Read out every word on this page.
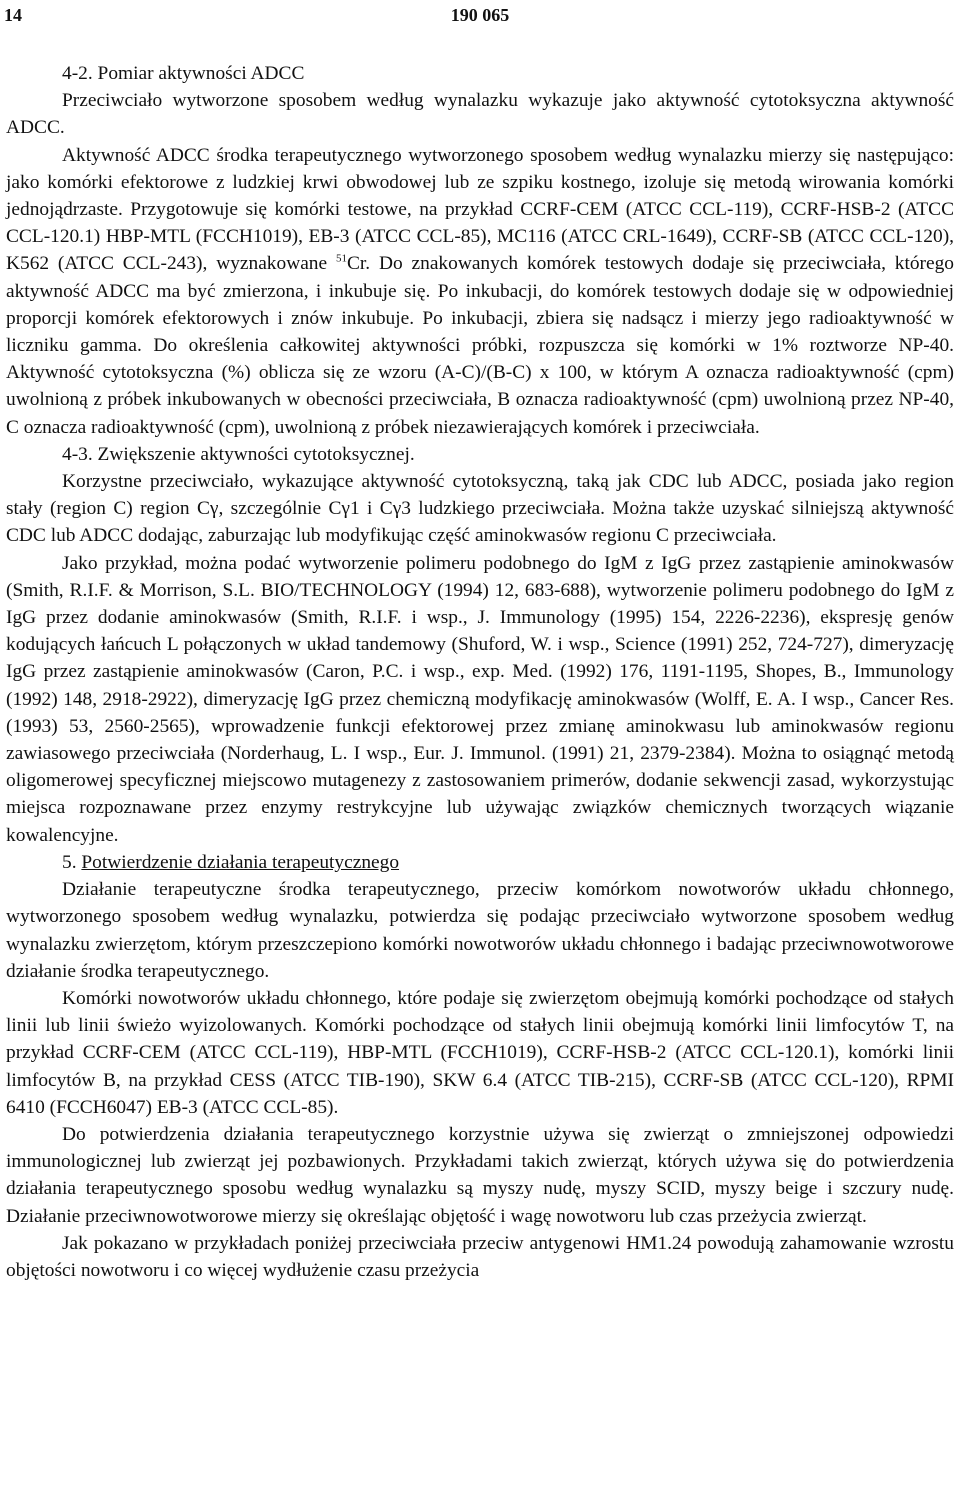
14	190 065

4-2. Pomiar aktywności ADCC

Przeciwciało wytworzone sposobem według wynalazku wykazuje jako aktywność cytotoksyczna aktywność ADCC.

Aktywność ADCC środka terapeutycznego wytworzonego sposobem według wynalazku mierzy się następująco: jako komórki efektorowe z ludzkiej krwi obwodowej lub ze szpiku kostnego, izoluje się metodą wirowania komórki jednojądrzaste. Przygotowuje się komórki testowe, na przykład CCRF-CEM (ATCC CCL-119), CCRF-HSB-2 (ATCC CCL-120.1) HBP-MTL (FCCH1019), EB-3 (ATCC CCL-85), MC116 (ATCC CRL-1649), CCRF-SB (ATCC CCL-120), K562 (ATCC CCL-243), wyznakowane $^{51}$Cr. Do znakowanych komórek testowych dodaje się przeciwciała, którego aktywność ADCC ma być zmierzona, i inkubuje się. Po inkubacji, do komórek testowych dodaje się w odpowiedniej proporcji komórek efektorowych i znów inkubuje. Po inkubacji, zbiera się nadsącz i mierzy jego radioaktywność w liczniku gamma. Do określenia całkowitej aktywności próbki, rozpuszcza się komórki w 1% roztworze NP-40. Aktywność cytotoksyczna (%) oblicza się ze wzoru (A-C)/(B-C) x 100, w którym A oznacza radioaktywność (cpm) uwolnioną z próbek inkubowanych w obecności przeciwciała, B oznacza radioaktywność (cpm) uwolnioną przez NP-40, C oznacza radioaktywność (cpm), uwolnioną z próbek niezawierających komórek i przeciwciała.

4-3. Zwiększenie aktywności cytotoksycznej.

Korzystne przeciwciało, wykazujące aktywność cytotoksyczną, taką jak CDC lub ADCC, posiada jako region stały (region C) region Cγ, szczególnie Cγ1 i Cγ3 ludzkiego przeciwciała. Można także uzyskać silniejszą aktywność CDC lub ADCC dodając, zaburzając lub modyfikując część aminokwasów regionu C przeciwciała.

Jako przykład, można podać wytworzenie polimeru podobnego do IgM z IgG przez zastąpienie aminokwasów (Smith, R.I.F. & Morrison, S.L. BIO/TECHNOLOGY (1994) 12, 683-688), wytworzenie polimeru podobnego do IgM z IgG przez dodanie aminokwasów (Smith, R.I.F. i wsp., J. Immunology (1995) 154, 2226-2236), ekspresję genów kodujących łańcuch L połączonych w układ tandemowy (Shuford, W. i wsp., Science (1991) 252, 724-727), dimeryzację IgG przez zastąpienie aminokwasów (Caron, P.C. i wsp., exp. Med. (1992) 176, 1191-1195, Shopes, B., Immunology (1992) 148, 2918-2922), dimeryzację IgG przez chemiczną modyfikację aminokwasów (Wolff, E. A. I wsp., Cancer Res. (1993) 53, 2560-2565), wprowadzenie funkcji efektorowej przez zmianę aminokwasu lub aminokwasów regionu zawiasowego przeciwciała (Norderhaug, L. I wsp., Eur. J. Immunol. (1991) 21, 2379-2384). Można to osiągnąć metodą oligomerowej specyficznej miejscowo mutagenezy z zastosowaniem primerów, dodanie sekwencji zasad, wykorzystując miejsca rozpoznawane przez enzymy restrykcyjne lub używając związków chemicznych tworzących wiązanie kowalencyjne.

5. Potwierdzenie działania terapeutycznego

Działanie terapeutyczne środka terapeutycznego, przeciw komórkom nowotworów układu chłonnego, wytworzonego sposobem według wynalazku, potwierdza się podając przeciwciało wytworzone sposobem według wynalazku zwierzętom, którym przeszczepiono komórki nowotworów układu chłonnego i badając przeciwnowotworowe działanie środka terapeutycznego.

Komórki nowotworów układu chłonnego, które podaje się zwierzętom obejmują komórki pochodzące od stałych linii lub linii świeżo wyizolowanych. Komórki pochodzące od stałych linii obejmują komórki linii limfocytów T, na przykład CCRF-CEM (ATCC CCL-119), HBP-MTL (FCCH1019), CCRF-HSB-2 (ATCC CCL-120.1), komórki linii limfocytów B, na przykład CESS (ATCC TIB-190), SKW 6.4 (ATCC TIB-215), CCRF-SB (ATCC CCL-120), RPMI 6410 (FCCH6047) EB-3 (ATCC CCL-85).

Do potwierdzenia działania terapeutycznego korzystnie używa się zwierząt o zmniejszonej odpowiedzi immunologicznej lub zwierząt jej pozbawionych. Przykładami takich zwierząt, których używa się do potwierdzenia działania terapeutycznego sposobu według wynalazku są myszy nudę, myszy SCID, myszy beige i szczury nudę. Działanie przeciwnowotworowe mierzy się określając objętość i wagę nowotworu lub czas przeżycia zwierząt.

Jak pokazano w przykładach poniżej przeciwciała przeciw antygenowi HM1.24 powodują zahamowanie wzrostu objętości nowotworu i co więcej wydłużenie czasu przeżycia
